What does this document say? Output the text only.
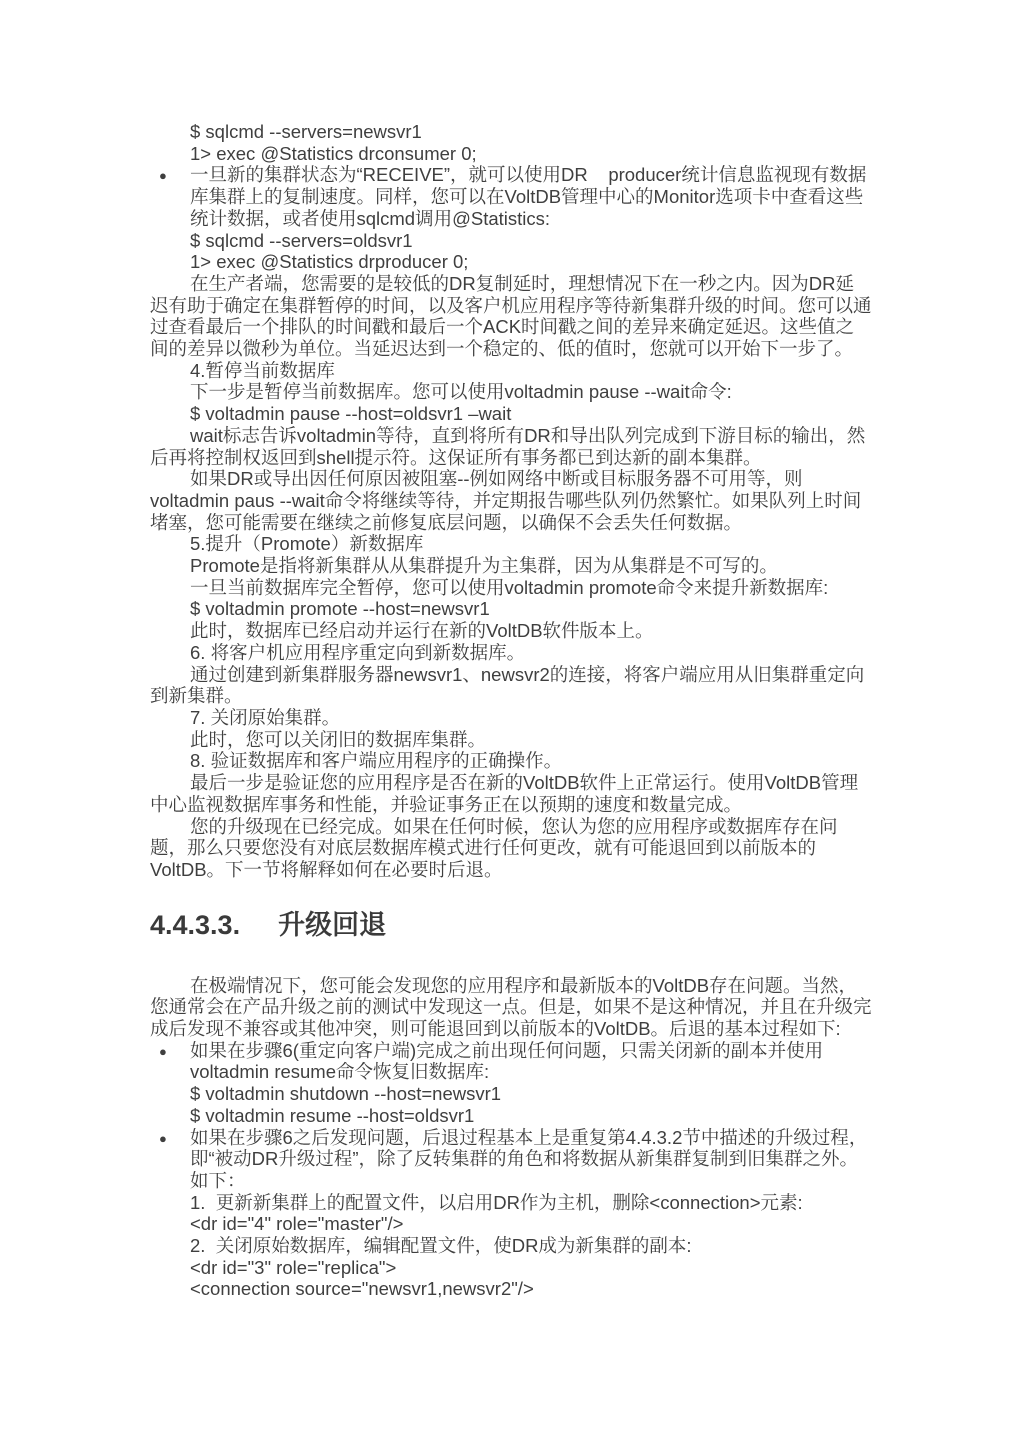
$ sqlcmd --servers=newsvr1

1> exec @Statistics drconsumer 0;

● 一旦新的集群状态为“RECEIVE”，就可以使用DR    producer统计信息监视现有数据库集群上的复制速度。同样，您可以在VoltDB管理中心的Monitor选项卡中查看这些统计数据，或者使用sqlcmd调用@Statistics:

$ sqlcmd --servers=oldsvr1

1> exec @Statistics drproducer 0;

在生产者端，您需要的是较低的DR复制延时，理想情况下在一秒之内。因为DR延迟有助于确定在集群暂停的时间，以及客户机应用程序等待新集群升级的时间。您可以通过查看最后一个排队的时间戳和最后一个ACK时间戳之间的差异来确定延迟。这些值之间的差异以微秒为单位。当延迟达到一个稳定的、低的值时，您就可以开始下一步了。

4.暂停当前数据库

下一步是暂停当前数据库。您可以使用voltadmin pause --wait命令:

$ voltadmin pause --host=oldsvr1 –wait

wait标志告诉voltadmin等待，直到将所有DR和导出队列完成到下游目标的输出，然后再将控制权返回到shell提示符。这保证所有事务都已到达新的副本集群。

如果DR或导出因任何原因被阻塞--例如网络中断或目标服务器不可用等，则voltadmin paus --wait命令将继续等待，并定期报告哪些队列仍然繁忙。如果队列上时间堵塞，您可能需要在继续之前修复底层问题，以确保不会丢失任何数据。

5.提升（Promote）新数据库

Promote是指将新集群从从集群提升为主集群，因为从集群是不可写的。

一旦当前数据库完全暂停，您可以使用voltadmin promote命令来提升新数据库:

$ voltadmin promote --host=newsvr1

此时，数据库已经启动并运行在新的VoltDB软件版本上。

6. 将客户机应用程序重定向到新数据库。

通过创建到新集群服务器newsvr1、newsvr2的连接，将客户端应用从旧集群重定向到新集群。

7. 关闭原始集群。

此时，您可以关闭旧的数据库集群。

8. 验证数据库和客户端应用程序的正确操作。

最后一步是验证您的应用程序是否在新的VoltDB软件上正常运行。使用VoltDB管理中心监视数据库事务和性能，并验证事务正在以预期的速度和数量完成。

您的升级现在已经完成。如果在任何时候，您认为您的应用程序或数据库存在问题，那么只要您没有对底层数据库模式进行任何更改，就有可能退回到以前版本的VoltDB。下一节将解释如何在必要时后退。

4.4.3.3. 升级回退

在极端情况下，您可能会发现您的应用程序和最新版本的VoltDB存在问题。当然，您通常会在产品升级之前的测试中发现这一点。但是，如果不是这种情况，并且在升级完成后发现不兼容或其他冲突，则可能退回到以前版本的VoltDB。后退的基本过程如下:

● 如果在步骤6(重定向客户端)完成之前出现任何问题，只需关闭新的副本并使用voltadmin resume命令恢复旧数据库:

$ voltadmin shutdown --host=newsvr1

$ voltadmin resume --host=oldsvr1

● 如果在步骤6之后发现问题，后退过程基本上是重复第4.4.3.2节中描述的升级过程，即“被动DR升级过程”，除了反转集群的角色和将数据从新集群复制到旧集群之外。如下：

1.  更新新集群上的配置文件，以启用DR作为主机，删除<connection>元素:

<dr id="4" role="master"/>

2.  关闭原始数据库，编辑配置文件，使DR成为新集群的副本:

<dr id="3" role="replica">

<connection source="newsvr1,newsvr2"/>
